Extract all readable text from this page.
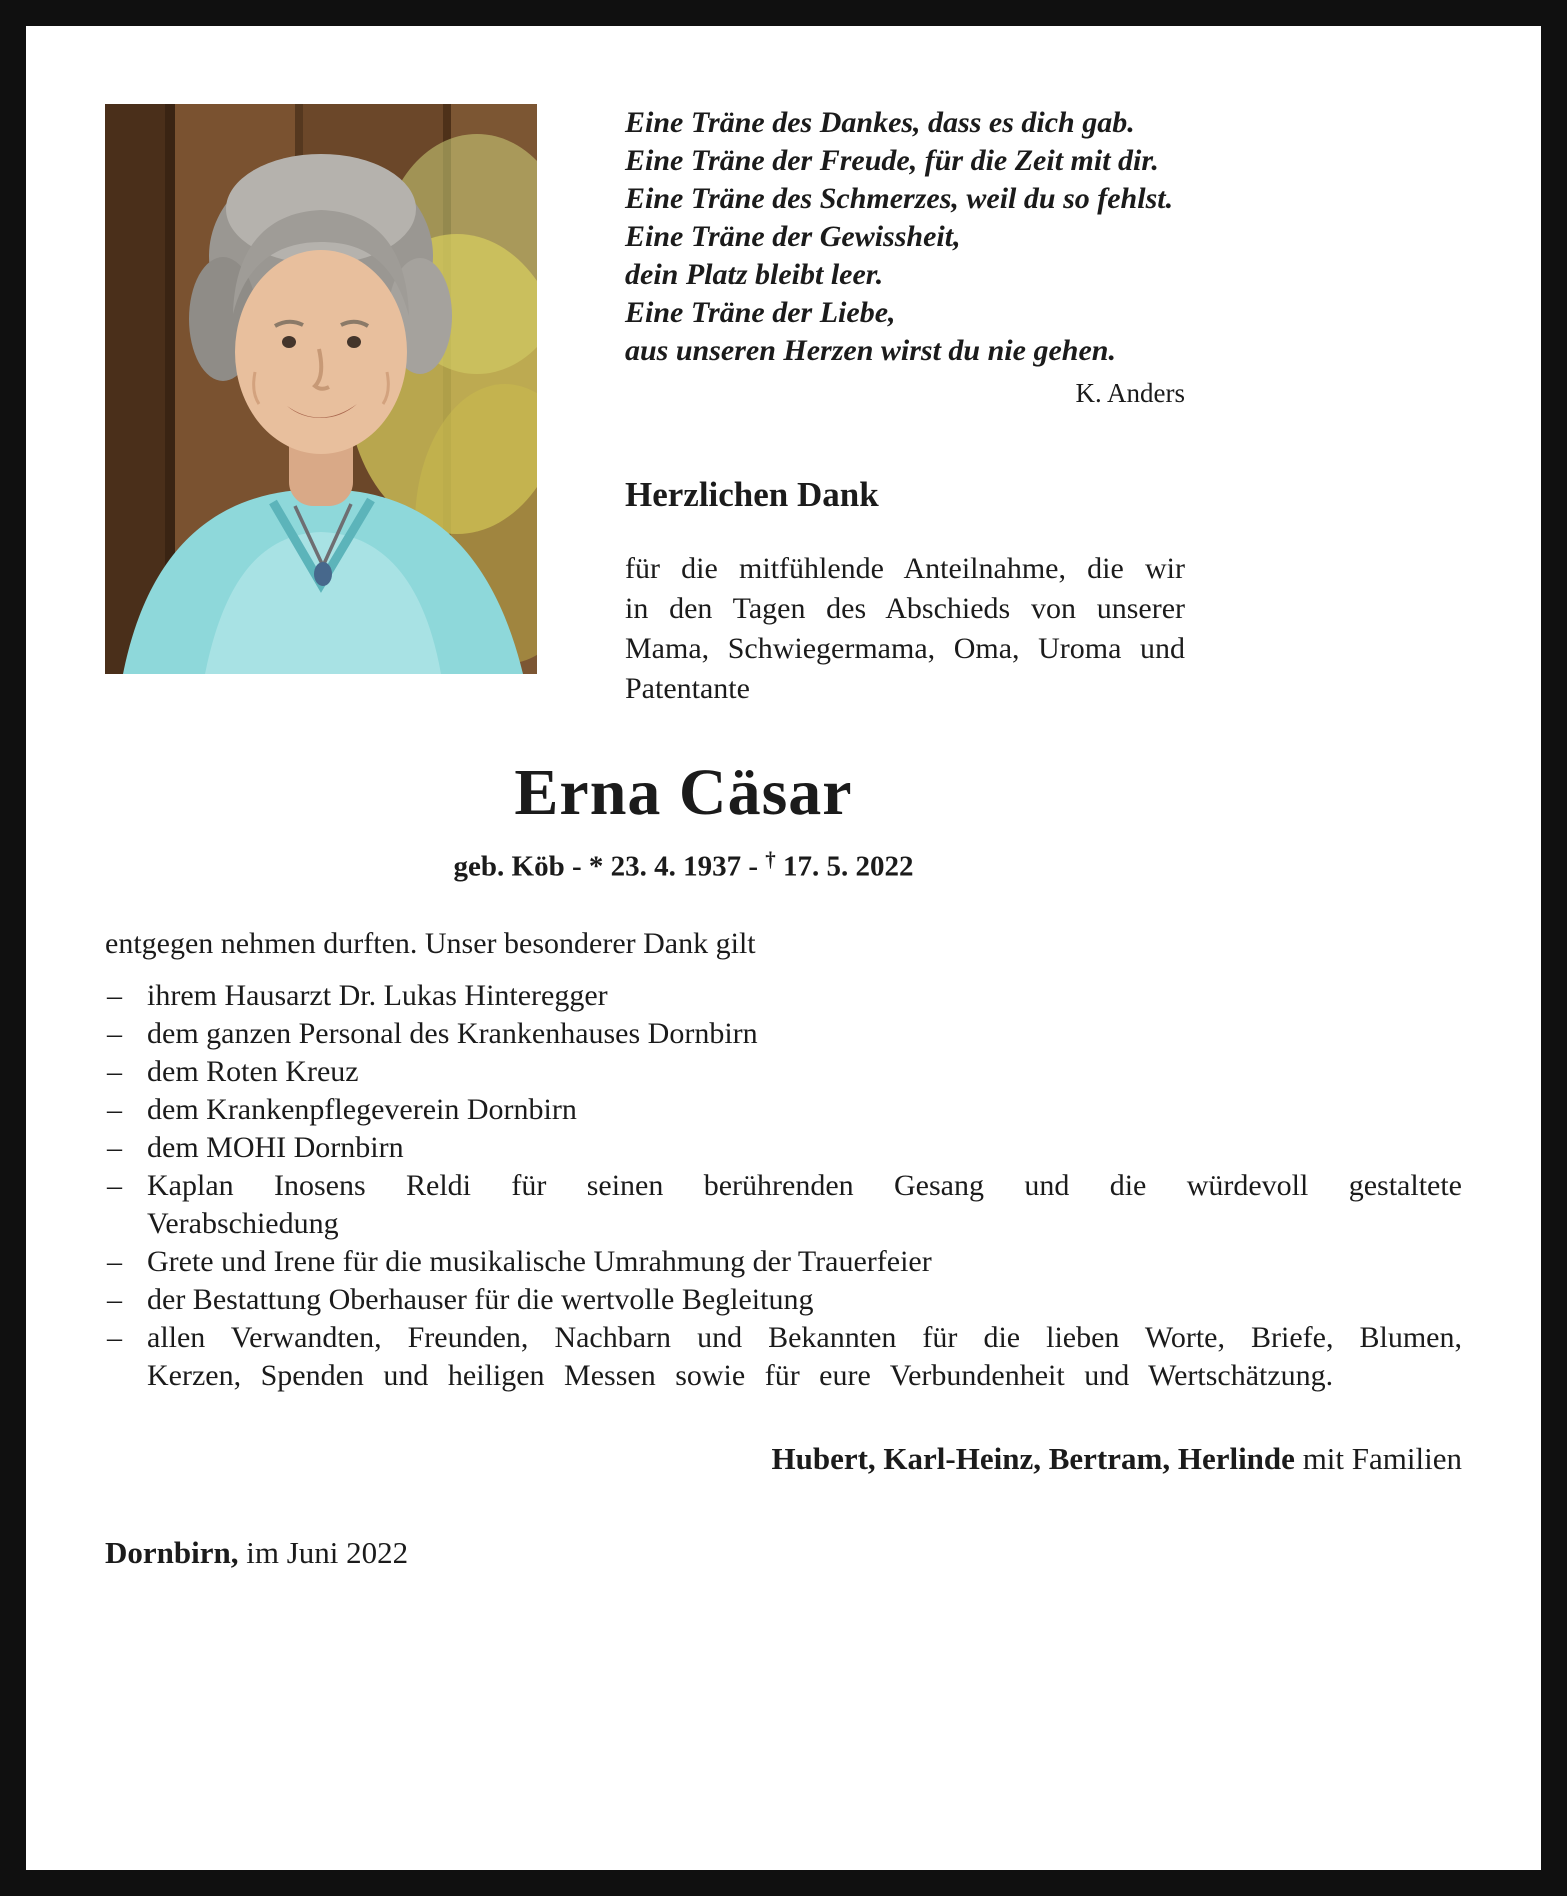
Eine Träne des Dankes, dass es dich gab.
Eine Träne der Freude, für die Zeit mit dir.
Eine Träne des Schmerzes, weil du so fehlst.
Eine Träne der Gewissheit,
dein Platz bleibt leer.
Eine Träne der Liebe,
aus unseren Herzen wirst du nie gehen.
K. Anders
Herzlichen Dank
für die mitfühlende Anteilnahme, die wir in den Tagen des Abschieds von unserer Mama, Schwiegermama, Oma, Uroma und Patentante
Erna Cäsar
geb. Köb - * 23. 4. 1937 - † 17. 5. 2022
entgegen nehmen durften. Unser besonderer Dank gilt
– ihrem Hausarzt Dr. Lukas Hinteregger
– dem ganzen Personal des Krankenhauses Dornbirn
– dem Roten Kreuz
– dem Krankenpflegeverein Dornbirn
– dem MOHI Dornbirn
– Kaplan Inosens Reldi für seinen berührenden Gesang und die würdevoll gestaltete Verabschiedung
– Grete und Irene für die musikalische Umrahmung der Trauerfeier
– der Bestattung Oberhauser für die wertvolle Begleitung
– allen Verwandten, Freunden, Nachbarn und Bekannten für die lieben Worte, Briefe, Blumen, Kerzen, Spenden und heiligen Messen sowie für eure Verbundenheit und Wertschätzung.
Hubert, Karl-Heinz, Bertram, Herlinde mit Familien
Dornbirn, im Juni 2022
